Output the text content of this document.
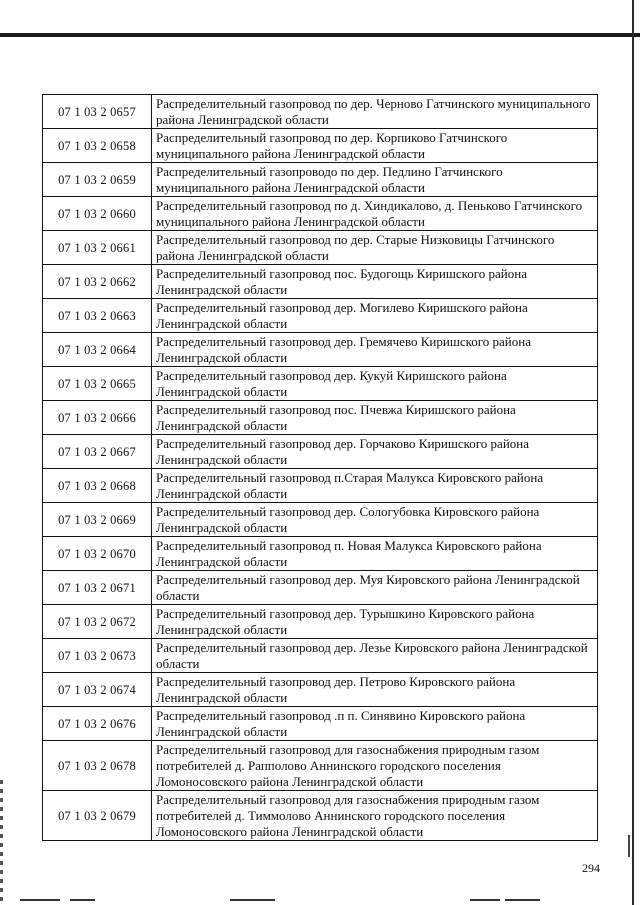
07 1 03 2 0657	Распределительный газопровод по дер. Черново Гатчинского муниципального района Ленинградской области
07 1 03 2 0658	Распределительный газопровод по дер. Корпиково Гатчинского муниципального района Ленинградской области
07 1 03 2 0659	Распределительный газопроводо по дер. Педлино Гатчинского муниципального района Ленинградской области
07 1 03 2 0660	Распределительный газопровод по д. Хиндикалово, д. Пеньково Гатчинского муниципального района Ленинградской области
07 1 03 2 0661	Распределительный газопровод по дер. Старые Низковицы Гатчинского района Ленинградской области
07 1 03 2 0662	Распределительный газопровод пос. Будогощь Киришского района Ленинградской области
07 1 03 2 0663	Распределительный газопровод дер. Могилево Киришского района Ленинградской области
07 1 03 2 0664	Распределительный газопровод дер. Гремячево Киришского района Ленинградской области
07 1 03 2 0665	Распределительный газопровод дер. Кукуй Киришского района Ленинградской области
07 1 03 2 0666	Распределительный газопровод пос. Пчевжа Киришского района Ленинградской области
07 1 03 2 0667	Распределительный газопровод дер. Горчаково Киришского района Ленинградской области
07 1 03 2 0668	Распределительный газопровод п.Старая Малукса Кировского района Ленинградской области
07 1 03 2 0669	Распределительный газопровод дер. Сологубовка Кировского района Ленинградской области
07 1 03 2 0670	Распределительный газопровод п. Новая Малукса Кировского района Ленинградской области
07 1 03 2 0671	Распределительный газопровод дер. Муя Кировского района Ленинградской области
07 1 03 2 0672	Распределительный газопровод дер. Турышкино Кировского района Ленинградской области
07 1 03 2 0673	Распределительный газопровод дер. Лезье Кировского района Ленинградской области
07 1 03 2 0674	Распределительный газопровод дер. Петрово Кировского района Ленинградской области
07 1 03 2 0676	Распределительный газопровод .п п. Синявино Кировского района Ленинградской области
07 1 03 2 0678	Распределительный газопровод для газоснабжения природным газом потребителей д. Рапполово Аннинского городского поселения Ломоносовского района Ленинградской области
07 1 03 2 0679	Распределительный газопровод для газоснабжения природным газом потребителей д. Тиммолово Аннинского городского поселения Ломоносовского района Ленинградской области
294
